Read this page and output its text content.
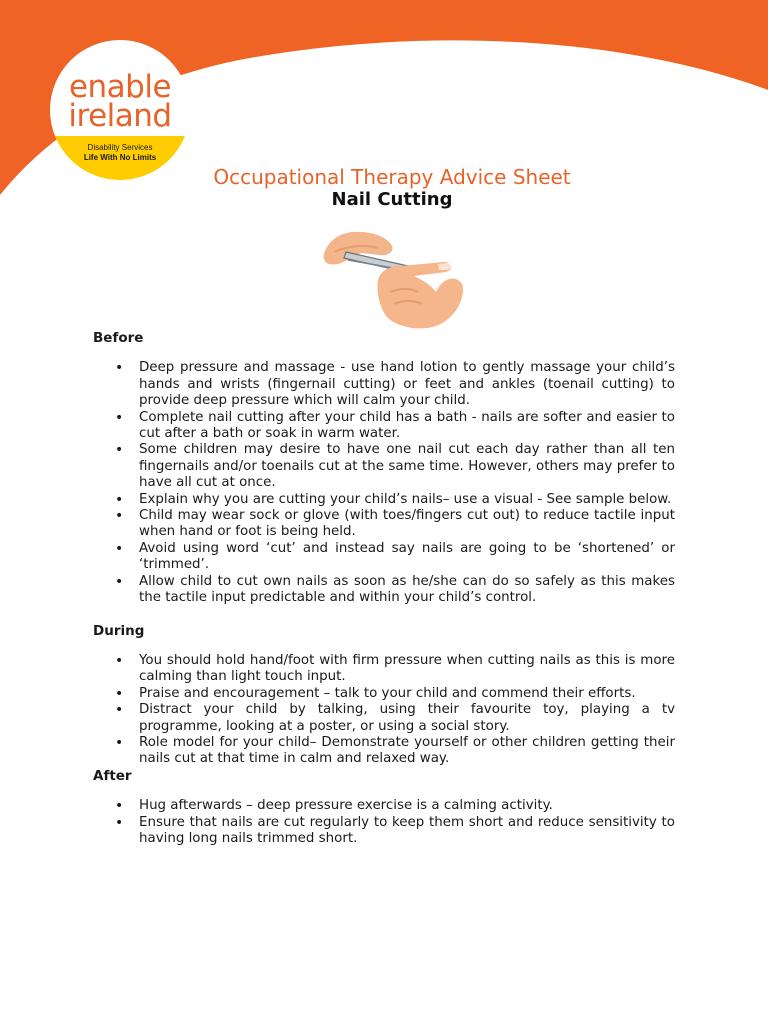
enable
ireland
Disability Services
Life With No Limits
Occupational Therapy Advice Sheet
Nail Cutting

Before

• Deep pressure and massage - use hand lotion to gently massage your child’s hands and wrists (fingernail cutting) or feet and ankles (toenail cutting) to provide deep pressure which will calm your child.
• Complete nail cutting after your child has a bath - nails are softer and easier to cut after a bath or soak in warm water.
• Some children may desire to have one nail cut each day rather than all ten fingernails and/or toenails cut at the same time. However, others may prefer to have all cut at once.
• Explain why you are cutting your child’s nails– use a visual - See sample below.
• Child may wear sock or glove (with toes/fingers cut out) to reduce tactile input when hand or foot is being held.
• Avoid using word ‘cut’ and instead say nails are going to be ‘shortened’ or ‘trimmed’.
• Allow child to cut own nails as soon as he/she can do so safely as this makes the tactile input predictable and within your child’s control.

During

• You should hold hand/foot with firm pressure when cutting nails as this is more calming than light touch input.
• Praise and encouragement – talk to your child and commend their efforts.
• Distract your child by talking, using their favourite toy, playing a tv programme, looking at a poster, or using a social story.
• Role model for your child– Demonstrate yourself or other children getting their nails cut at that time in calm and relaxed way.

After

• Hug afterwards – deep pressure exercise is a calming activity.
• Ensure that nails are cut regularly to keep them short and reduce sensitivity to having long nails trimmed short.
